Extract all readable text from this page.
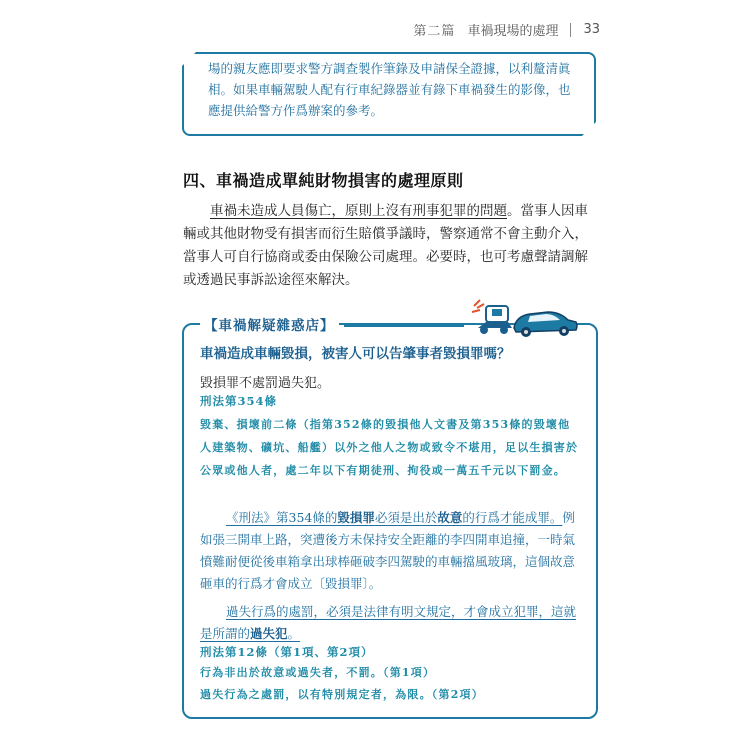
第二篇 車禍現場的處理 33
場的親友應即要求警方調查製作筆錄及申請保全證據，以利釐清眞相。如果車輛駕駛人配有行車紀錄器並有錄下車禍發生的影像，也應提供給警方作爲辦案的參考。
四、車禍造成單純財物損害的處理原則
車禍未造成人員傷亡，原則上沒有刑事犯罪的問題。當事人因車輛或其他財物受有損害而衍生賠償爭議時，警察通常不會主動介入，當事人可自行協商或委由保險公司處理。必要時，也可考慮聲請調解或透過民事訴訟途徑來解決。
【車禍解疑雜惑店】
車禍造成車輛毀損，被害人可以告肇事者毀損罪嗎？
毀損罪不處罰過失犯。
刑法第354條
毀棄、損壞前二條（指第352條的毀損他人文書及第353條的毀壞他人建築物、礦坑、船艦）以外之他人之物或致令不堪用，足以生損害於公眾或他人者，處二年以下有期徒刑、拘役或一萬五千元以下罰金。
《刑法》第354條的毀損罪必須是出於故意的行爲才能成罪。例如張三開車上路，突遭後方未保持安全距離的李四開車追撞，一時氣憤難耐便從後車箱拿出球棒砸破李四駕駛的車輛擋風玻璃，這個故意砸車的行爲才會成立〔毀損罪〕。
過失行爲的處罰，必須是法律有明文規定，才會成立犯罪，這就是所謂的過失犯。
刑法第12條（第1項、第2項）
行為非出於故意或過失者，不罰。（第1項）
過失行為之處罰，以有特別規定者，為限。（第2項）
